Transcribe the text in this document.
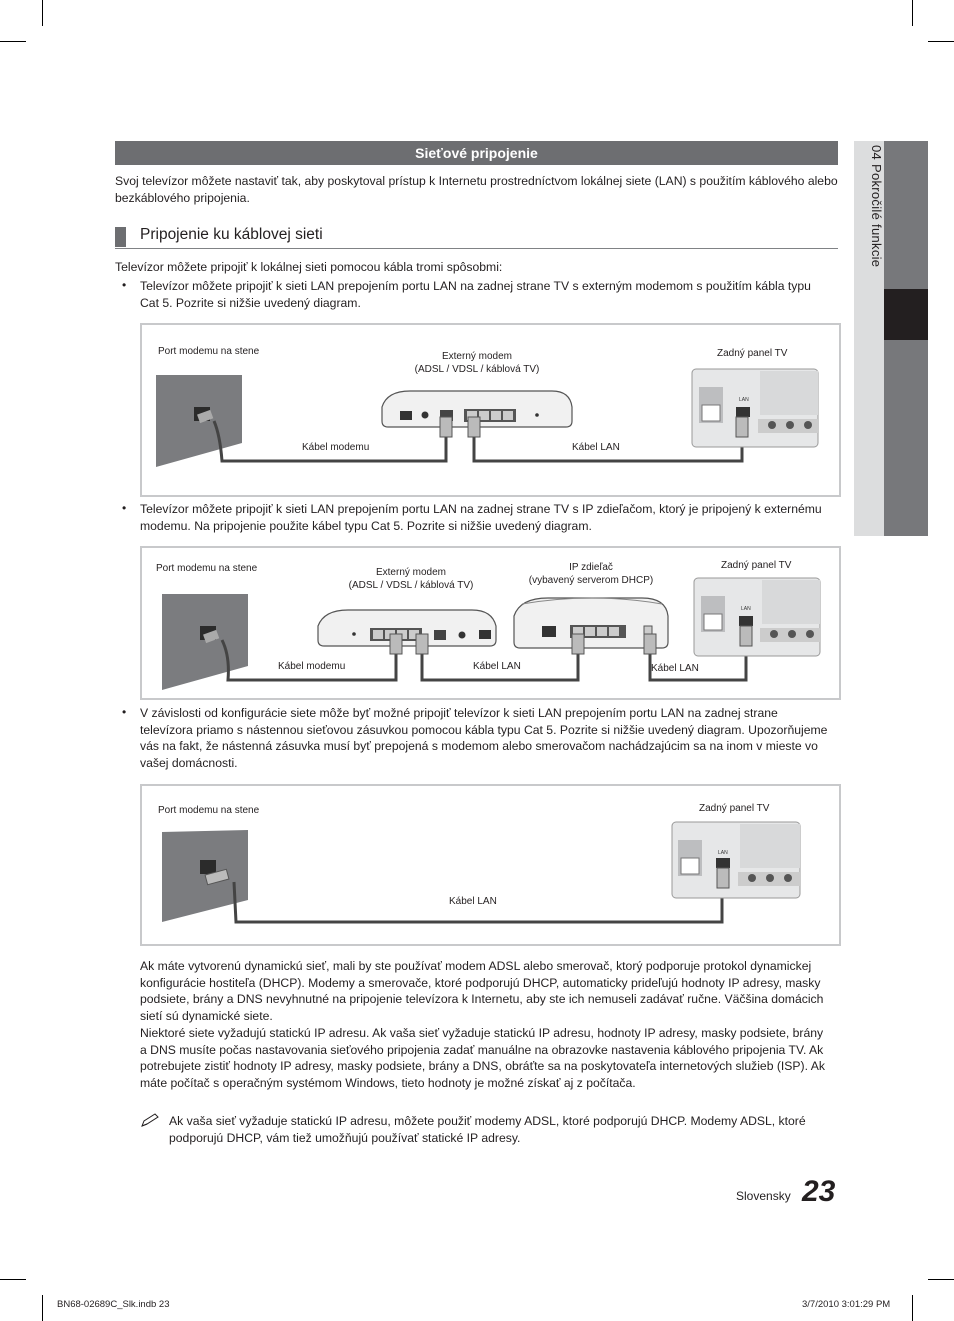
04 Pokročilé funkcie
Sieťové pripojenie
Svoj televízor môžete nastaviť tak, aby poskytoval prístup k Internetu prostredníctvom lokálnej siete (LAN) s použitím káblového alebo bezkáblového pripojenia.
Pripojenie ku káblovej sieti
Televízor môžete pripojiť k lokálnej sieti pomocou kábla tromi spôsobmi:
• Televízor môžete pripojiť k sieti LAN prepojením portu LAN na zadnej strane TV s externým modemom s použitím kábla typu Cat 5. Pozrite si nižšie uvedený diagram.
LAN
Port modemu na stene	Externý modem
(ADSL / VDSL / káblová TV)
Zadný panel TV
Kábel modemu	Kábel LAN
• Televízor môžete pripojiť k sieti LAN prepojením portu LAN na zadnej strane TV s IP zdieľačom, ktorý je pripojený k externému modemu. Na pripojenie použite kábel typu Cat 5. Pozrite si nižšie uvedený diagram.
LAN
Port modemu na stene	Externý modem
(ADSL / VDSL / káblová TV)
IP zdieľač
(vybavený serverom DHCP)
Zadný panel TV
Kábel modemu	Kábel LAN	Kábel LAN
• V závislosti od konfigurácie siete môže byť možné pripojiť televízor k sieti LAN prepojením portu LAN na zadnej strane televízora priamo s nástennou sieťovou zásuvkou pomocou kábla typu Cat 5. Pozrite si nižšie uvedený diagram. Upozorňujeme vás na fakt, že nástenná zásuvka musí byť prepojená s modemom alebo smerovačom nachádzajúcim sa na inom v mieste vo vašej domácnosti.
LAN
Port modemu na stene	Zadný panel TV
Kábel LAN
Ak máte vytvorenú dynamickú sieť, mali by ste používať modem ADSL alebo smerovač, ktorý podporuje protokol dynamickej konfigurácie hostiteľa (DHCP). Modemy a smerovače, ktoré podporujú DHCP, automaticky prideľujú hodnoty IP adresy, masky podsiete, brány a DNS nevyhnutné na pripojenie televízora k Internetu, aby ste ich nemuseli zadávať ručne. Väčšina domácich sietí sú dynamické siete.
Niektoré siete vyžadujú statickú IP adresu. Ak vaša sieť vyžaduje statickú IP adresu, hodnoty IP adresy, masky podsiete, brány a DNS musíte počas nastavovania sieťového pripojenia zadať manuálne na obrazovke nastavenia káblového pripojenia TV. Ak potrebujete zistiť hodnoty IP adresy, masky podsiete, brány a DNS, obráťte sa na poskytovateľa internetových služieb (ISP). Ak máte počítač s operačným systémom Windows, tieto hodnoty je možné získať aj z počítača.
Ak vaša sieť vyžaduje statickú IP adresu, môžete použiť modemy ADSL, ktoré podporujú DHCP. Modemy ADSL, ktoré podporujú DHCP, vám tiež umožňujú používať statické IP adresy.
Slovensky 23
BN68-02689C_Slk.indb 23	3/7/2010 3:01:29 PM
